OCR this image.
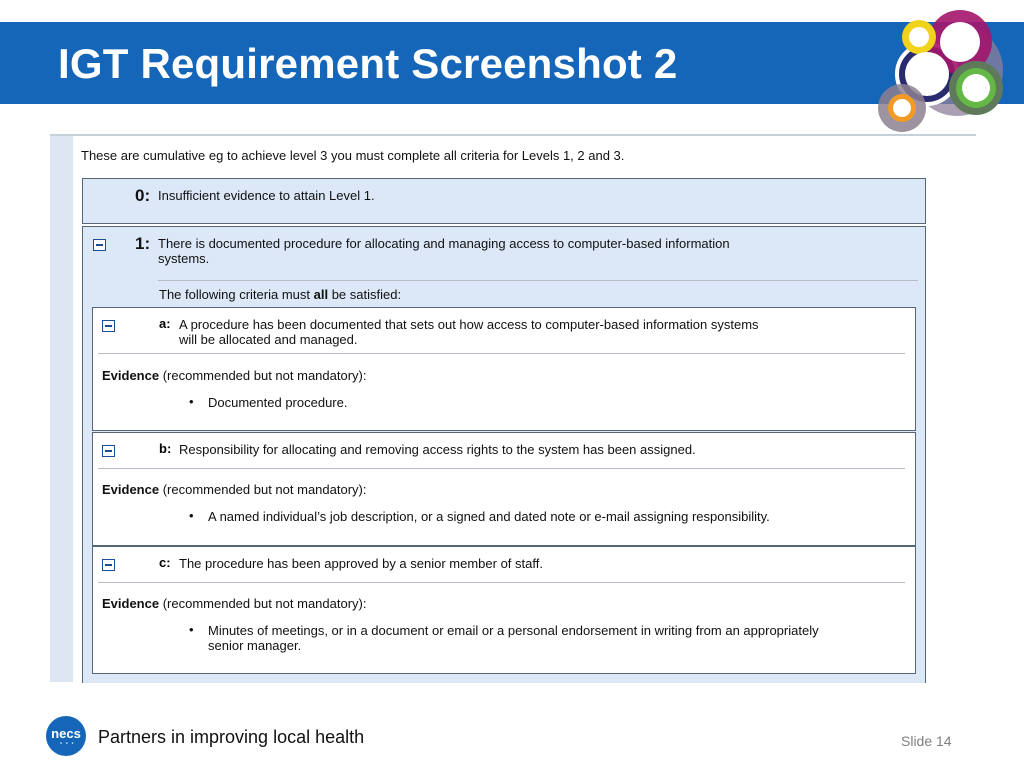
IGT Requirement Screenshot 2
These are cumulative eg to achieve level 3 you must complete all criteria for Levels 1, 2 and 3.
0: Insufficient evidence to attain Level 1.
1: There is documented procedure for allocating and managing access to computer-based information
systems.
The following criteria must all be satisfied:
a: A procedure has been documented that sets out how access to computer-based information systems
will be allocated and managed.
Evidence (recommended but not mandatory):
• Documented procedure.
b: Responsibility for allocating and removing access rights to the system has been assigned.
Evidence (recommended but not mandatory):
• A named individual’s job description, or a signed and dated note or e-mail assigning responsibility.
c: The procedure has been approved by a senior member of staff.
Evidence (recommended but not mandatory):
• Minutes of meetings, or in a document or email or a personal endorsement in writing from an appropriately
senior manager.
necs
• • • Partners in improving local health	Slide 14
